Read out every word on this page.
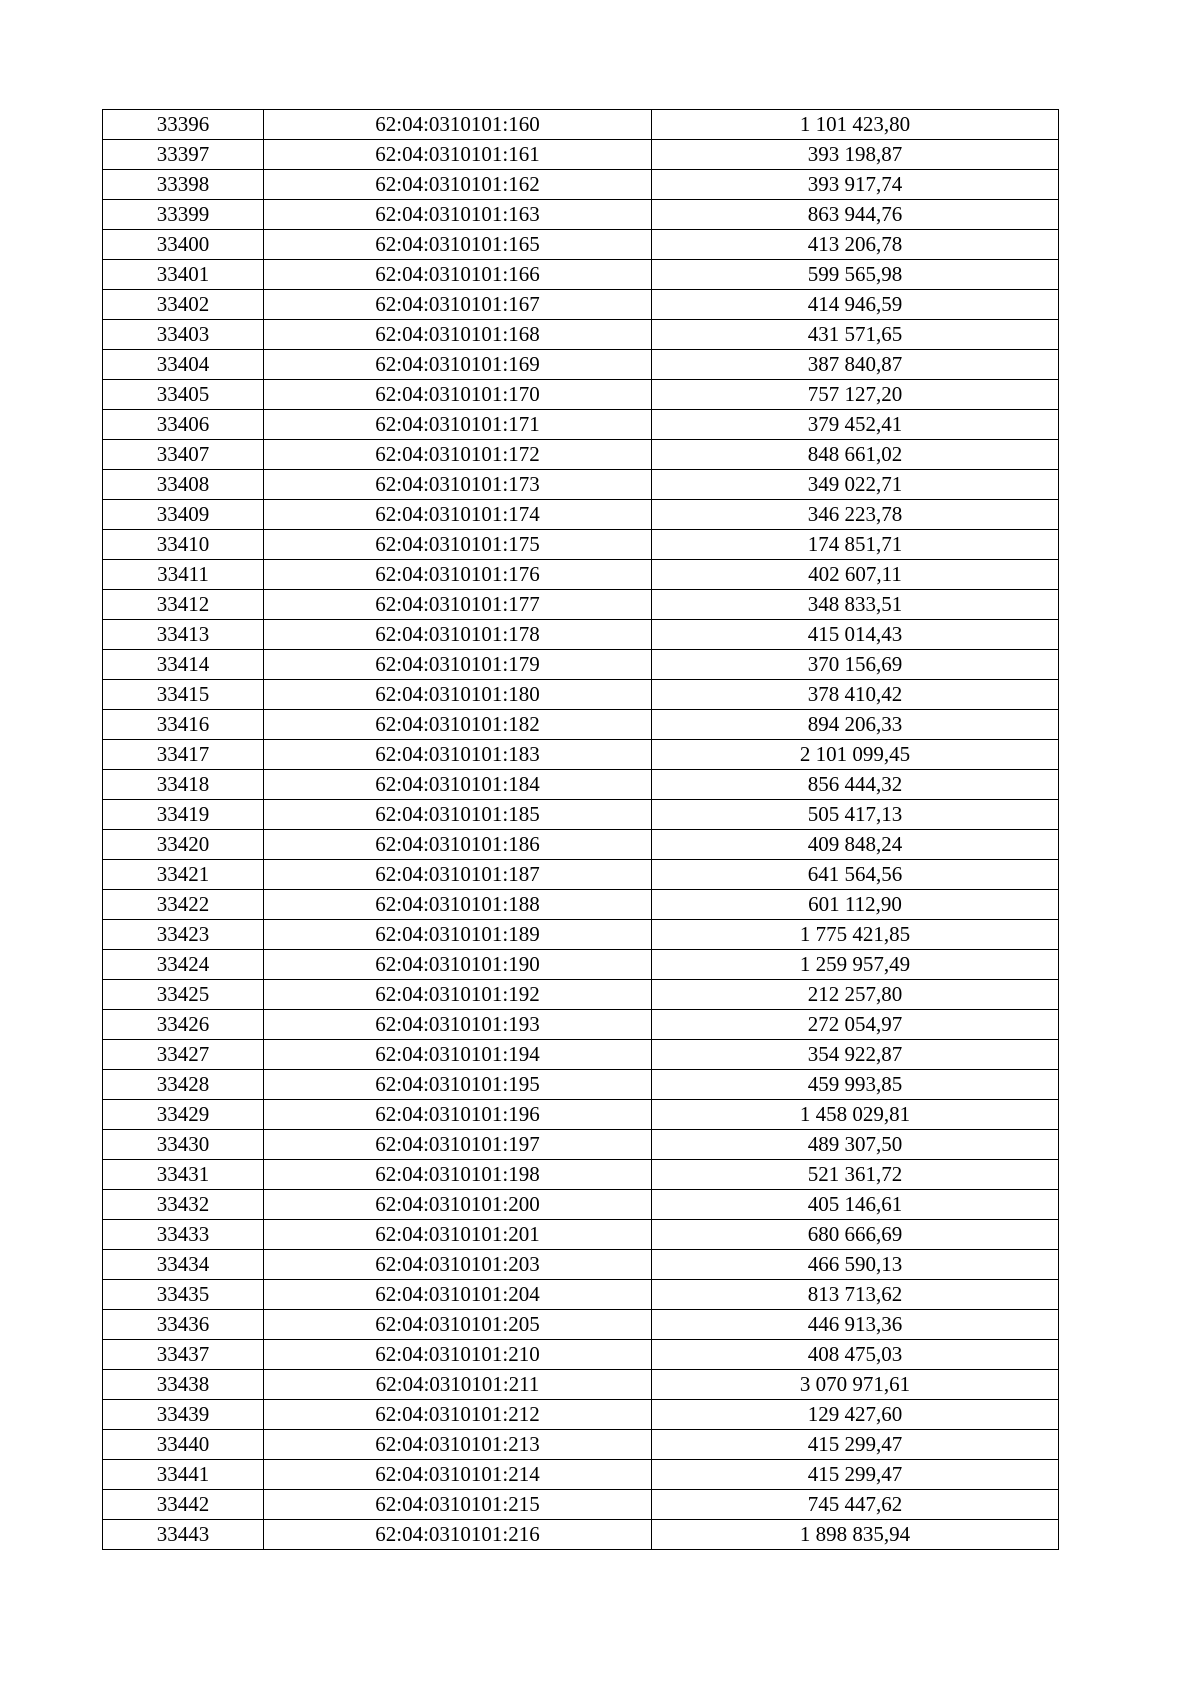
33396	62:04:0310101:160	1 101 423,80
33397	62:04:0310101:161	393 198,87
33398	62:04:0310101:162	393 917,74
33399	62:04:0310101:163	863 944,76
33400	62:04:0310101:165	413 206,78
33401	62:04:0310101:166	599 565,98
33402	62:04:0310101:167	414 946,59
33403	62:04:0310101:168	431 571,65
33404	62:04:0310101:169	387 840,87
33405	62:04:0310101:170	757 127,20
33406	62:04:0310101:171	379 452,41
33407	62:04:0310101:172	848 661,02
33408	62:04:0310101:173	349 022,71
33409	62:04:0310101:174	346 223,78
33410	62:04:0310101:175	174 851,71
33411	62:04:0310101:176	402 607,11
33412	62:04:0310101:177	348 833,51
33413	62:04:0310101:178	415 014,43
33414	62:04:0310101:179	370 156,69
33415	62:04:0310101:180	378 410,42
33416	62:04:0310101:182	894 206,33
33417	62:04:0310101:183	2 101 099,45
33418	62:04:0310101:184	856 444,32
33419	62:04:0310101:185	505 417,13
33420	62:04:0310101:186	409 848,24
33421	62:04:0310101:187	641 564,56
33422	62:04:0310101:188	601 112,90
33423	62:04:0310101:189	1 775 421,85
33424	62:04:0310101:190	1 259 957,49
33425	62:04:0310101:192	212 257,80
33426	62:04:0310101:193	272 054,97
33427	62:04:0310101:194	354 922,87
33428	62:04:0310101:195	459 993,85
33429	62:04:0310101:196	1 458 029,81
33430	62:04:0310101:197	489 307,50
33431	62:04:0310101:198	521 361,72
33432	62:04:0310101:200	405 146,61
33433	62:04:0310101:201	680 666,69
33434	62:04:0310101:203	466 590,13
33435	62:04:0310101:204	813 713,62
33436	62:04:0310101:205	446 913,36
33437	62:04:0310101:210	408 475,03
33438	62:04:0310101:211	3 070 971,61
33439	62:04:0310101:212	129 427,60
33440	62:04:0310101:213	415 299,47
33441	62:04:0310101:214	415 299,47
33442	62:04:0310101:215	745 447,62
33443	62:04:0310101:216	1 898 835,94
